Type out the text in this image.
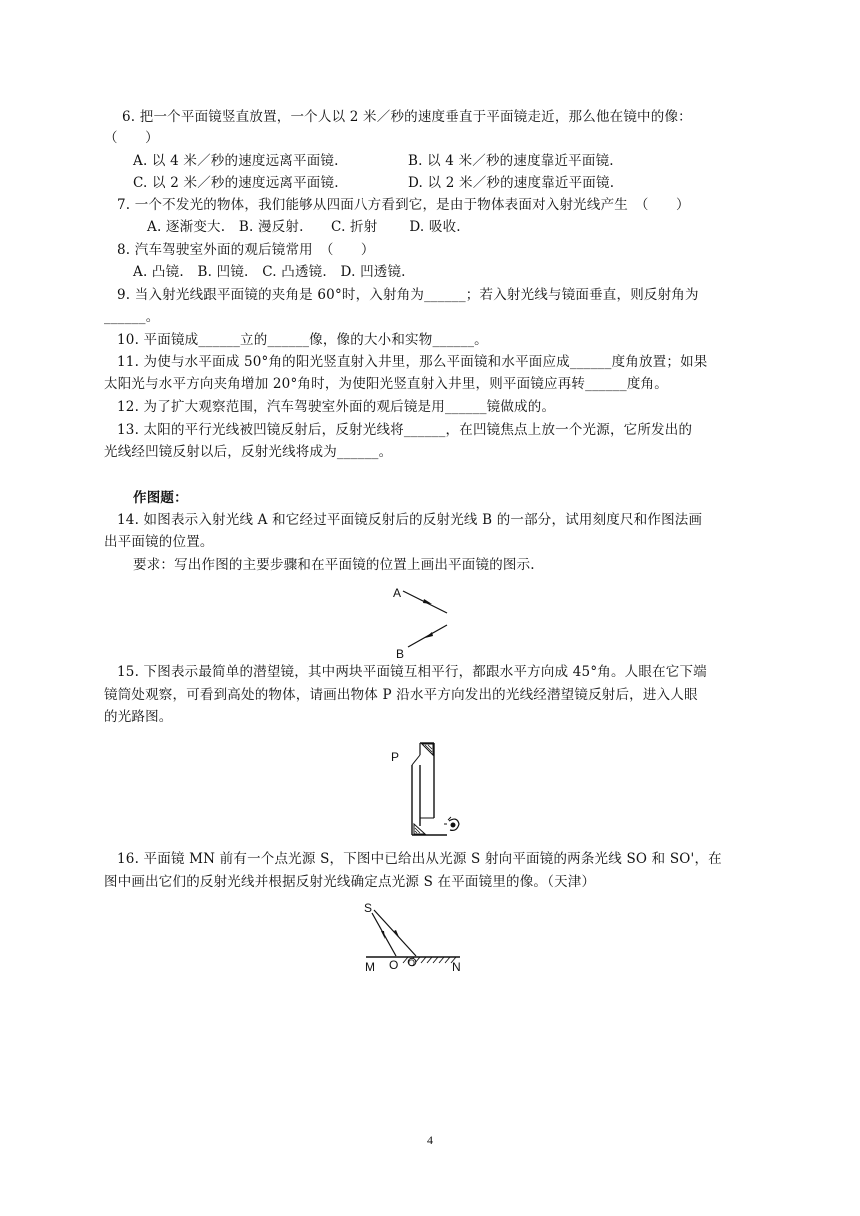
6. 把一个平面镜竖直放置，一个人以 2 米／秒的速度垂直于平面镜走近，那么他在镜中的像：
（　　）
A. 以 4 米／秒的速度远离平面镜.	B. 以 4 米／秒的速度靠近平面镜.
C. 以 2 米／秒的速度远离平面镜.	D. 以 2 米／秒的速度靠近平面镜.
7. 一个不发光的物体，我们能够从四面八方看到它，是由于物体表面对入射光线产生　（　　）
A. 逐渐变大.　B. 漫反射.　　C. 折射　　 D. 吸收.
8. 汽车驾驶室外面的观后镜常用　（　　）
A. 凸镜.　B. 凹镜.　C. 凸透镜.　D. 凹透镜.
9. 当入射光线跟平面镜的夹角是 60°时，入射角为______；若入射光线与镜面垂直，则反射角为
______。
10. 平面镜成______立的______像，像的大小和实物______。
11. 为使与水平面成 50°角的阳光竖直射入井里，那么平面镜和水平面应成______度角放置；如果
太阳光与水平方向夹角增加 20°角时，为使阳光竖直射入井里，则平面镜应再转______度角。
12. 为了扩大观察范围，汽车驾驶室外面的观后镜是用______镜做成的。
13. 太阳的平行光线被凹镜反射后，反射光线将______，在凹镜焦点上放一个光源，它所发出的
光线经凹镜反射以后，反射光线将成为______。
作图题：
14. 如图表示入射光线 A 和它经过平面镜反射后的反射光线 B 的一部分，试用刻度尺和作图法画
出平面镜的位置。
要求：写出作图的主要步骤和在平面镜的位置上画出平面镜的图示.
A
B
15. 下图表示最简单的潜望镜，其中两块平面镜互相平行，都跟水平方向成 45°角。人眼在它下端
镜筒处观察，可看到高处的物体，请画出物体 P 沿水平方向发出的光线经潜望镜反射后，进入人眼
的光路图。
P
16. 平面镜 MN 前有一个点光源 S，下图中已给出从光源 S 射向平面镜的两条光线 SO 和 SO'，在
图中画出它们的反射光线并根据反射光线确定点光源 S 在平面镜里的像。（天津）
S
M O O	N
4
